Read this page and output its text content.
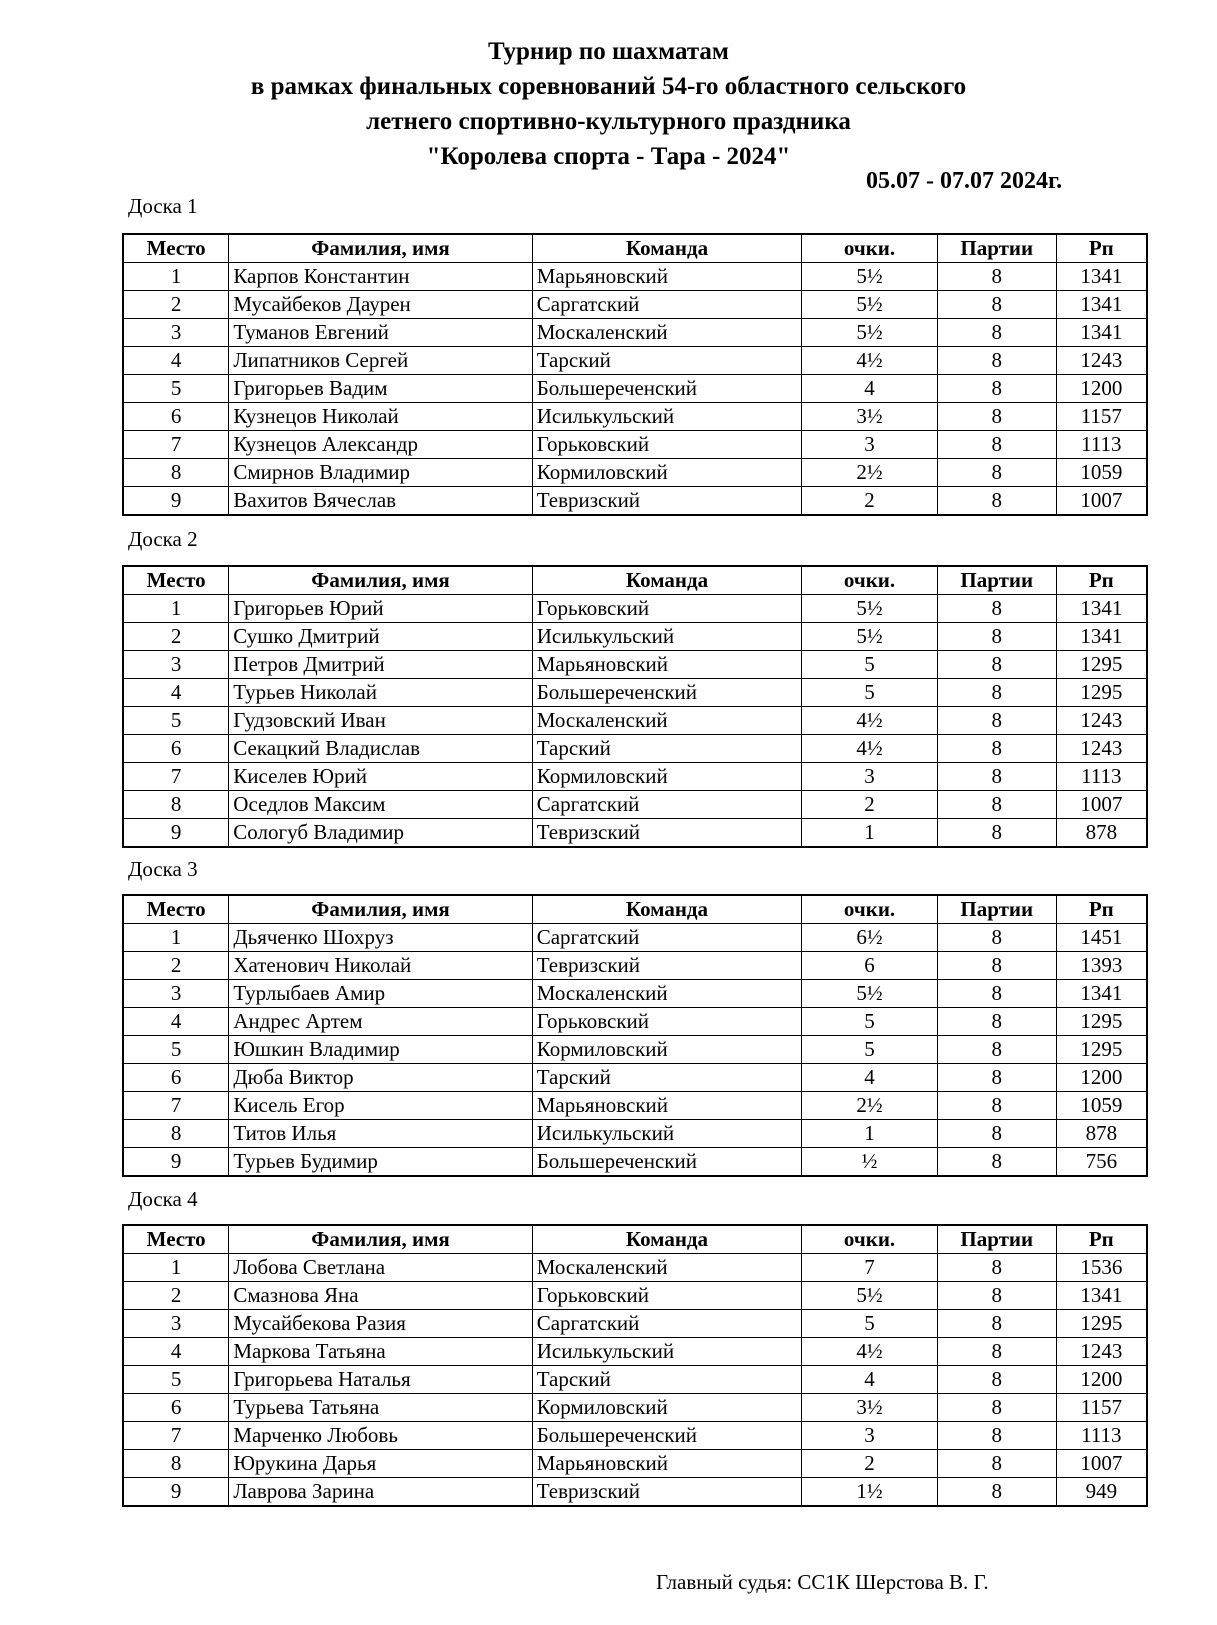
Турнир по шахматам
в рамках финальных соревнований 54-го областного сельского
летнего спортивно-культурного праздника
"Королева спорта - Тара - 2024"
05.07 - 07.07 2024г.
Доска 1
Место	Фамилия, имя	Команда	очки.	Партии	Рп
1	Карпов Константин	Марьяновский	5½	8	1341
2	Мусайбеков Даурен	Саргатский	5½	8	1341
3	Туманов Евгений	Москаленский	5½	8	1341
4	Липатников Сергей	Тарский	4½	8	1243
5	Григорьев Вадим	Большереченский	4	8	1200
6	Кузнецов Николай	Исилькульский	3½	8	1157
7	Кузнецов Александр	Горьковский	3	8	1113
8	Смирнов Владимир	Кормиловский	2½	8	1059
9	Вахитов Вячеслав	Тевризский	2	8	1007
Доска 2
Место	Фамилия, имя	Команда	очки.	Партии	Рп
1	Григорьев Юрий	Горьковский	5½	8	1341
2	Сушко Дмитрий	Исилькульский	5½	8	1341
3	Петров Дмитрий	Марьяновский	5	8	1295
4	Турьев Николай	Большереченский	5	8	1295
5	Гудзовский Иван	Москаленский	4½	8	1243
6	Секацкий Владислав	Тарский	4½	8	1243
7	Киселев Юрий	Кормиловский	3	8	1113
8	Оседлов Максим	Саргатский	2	8	1007
9	Сологуб Владимир	Тевризский	1	8	878
Доска 3
Место	Фамилия, имя	Команда	очки.	Партии	Рп
1	Дьяченко Шохруз	Саргатский	6½	8	1451
2	Хатенович Николай	Тевризский	6	8	1393
3	Турлыбаев Амир	Москаленский	5½	8	1341
4	Андрес Артем	Горьковский	5	8	1295
5	Юшкин Владимир	Кормиловский	5	8	1295
6	Дюба Виктор	Тарский	4	8	1200
7	Кисель Егор	Марьяновский	2½	8	1059
8	Титов Илья	Исилькульский	1	8	878
9	Турьев Будимир	Большереченский	½	8	756
Доска 4
Место	Фамилия, имя	Команда	очки.	Партии	Рп
1	Лобова Светлана	Москаленский	7	8	1536
2	Смазнова Яна	Горьковский	5½	8	1341
3	Мусайбекова Разия	Саргатский	5	8	1295
4	Маркова Татьяна	Исилькульский	4½	8	1243
5	Григорьева Наталья	Тарский	4	8	1200
6	Турьева Татьяна	Кормиловский	3½	8	1157
7	Марченко Любовь	Большереченский	3	8	1113
8	Юрукина Дарья	Марьяновский	2	8	1007
9	Лаврова Зарина	Тевризский	1½	8	949
Главный судья: СС1К Шерстова В. Г.
